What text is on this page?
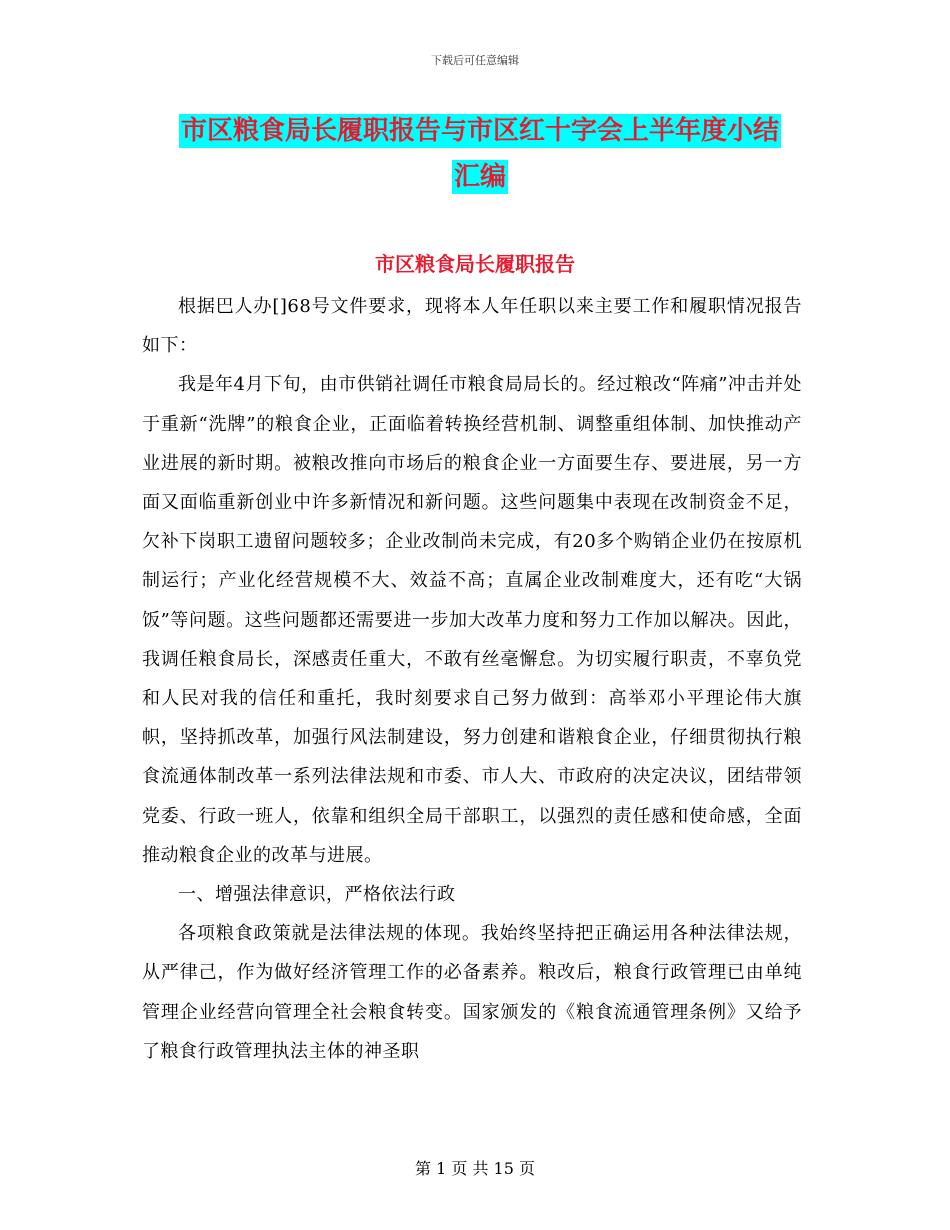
下载后可任意编辑
市区粮食局长履职报告与市区红十字会上半年度小结
汇编
市区粮食局长履职报告

根据巴人办[]68号文件要求，现将本人年任职以来主要工作和履职情况报告如下：

我是年4月下旬，由市供销社调任市粮食局局长的。经过粮改“阵痛”冲击并处于重新“洗牌”的粮食企业，正面临着转换经营机制、调整重组体制、加快推动产业进展的新时期。被粮改推向市场后的粮食企业一方面要生存、要进展，另一方面又面临重新创业中许多新情况和新问题。这些问题集中表现在改制资金不足，欠补下岗职工遗留问题较多；企业改制尚未完成，有20多个购销企业仍在按原机制运行；产业化经营规模不大、效益不高；直属企业改制难度大，还有吃“大锅饭”等问题。这些问题都还需要进一步加大改革力度和努力工作加以解决。因此，我调任粮食局长，深感责任重大，不敢有丝毫懈怠。为切实履行职责，不辜负党和人民对我的信任和重托，我时刻要求自己努力做到：高举邓小平理论伟大旗帜，坚持抓改革，加强行风法制建设，努力创建和谐粮食企业，仔细贯彻执行粮食流通体制改革一系列法律法规和市委、市人大、市政府的决定决议，团结带领党委、行政一班人，依靠和组织全局干部职工，以强烈的责任感和使命感，全面推动粮食企业的改革与进展。

一、增强法律意识，严格依法行政

各项粮食政策就是法律法规的体现。我始终坚持把正确运用各种法律法规，从严律己，作为做好经济管理工作的必备素养。粮改后，粮食行政管理已由单纯管理企业经营向管理全社会粮食转变。国家颁发的《粮食流通管理条例》又给予了粮食行政管理执法主体的神圣职

第 1 页 共 15 页
